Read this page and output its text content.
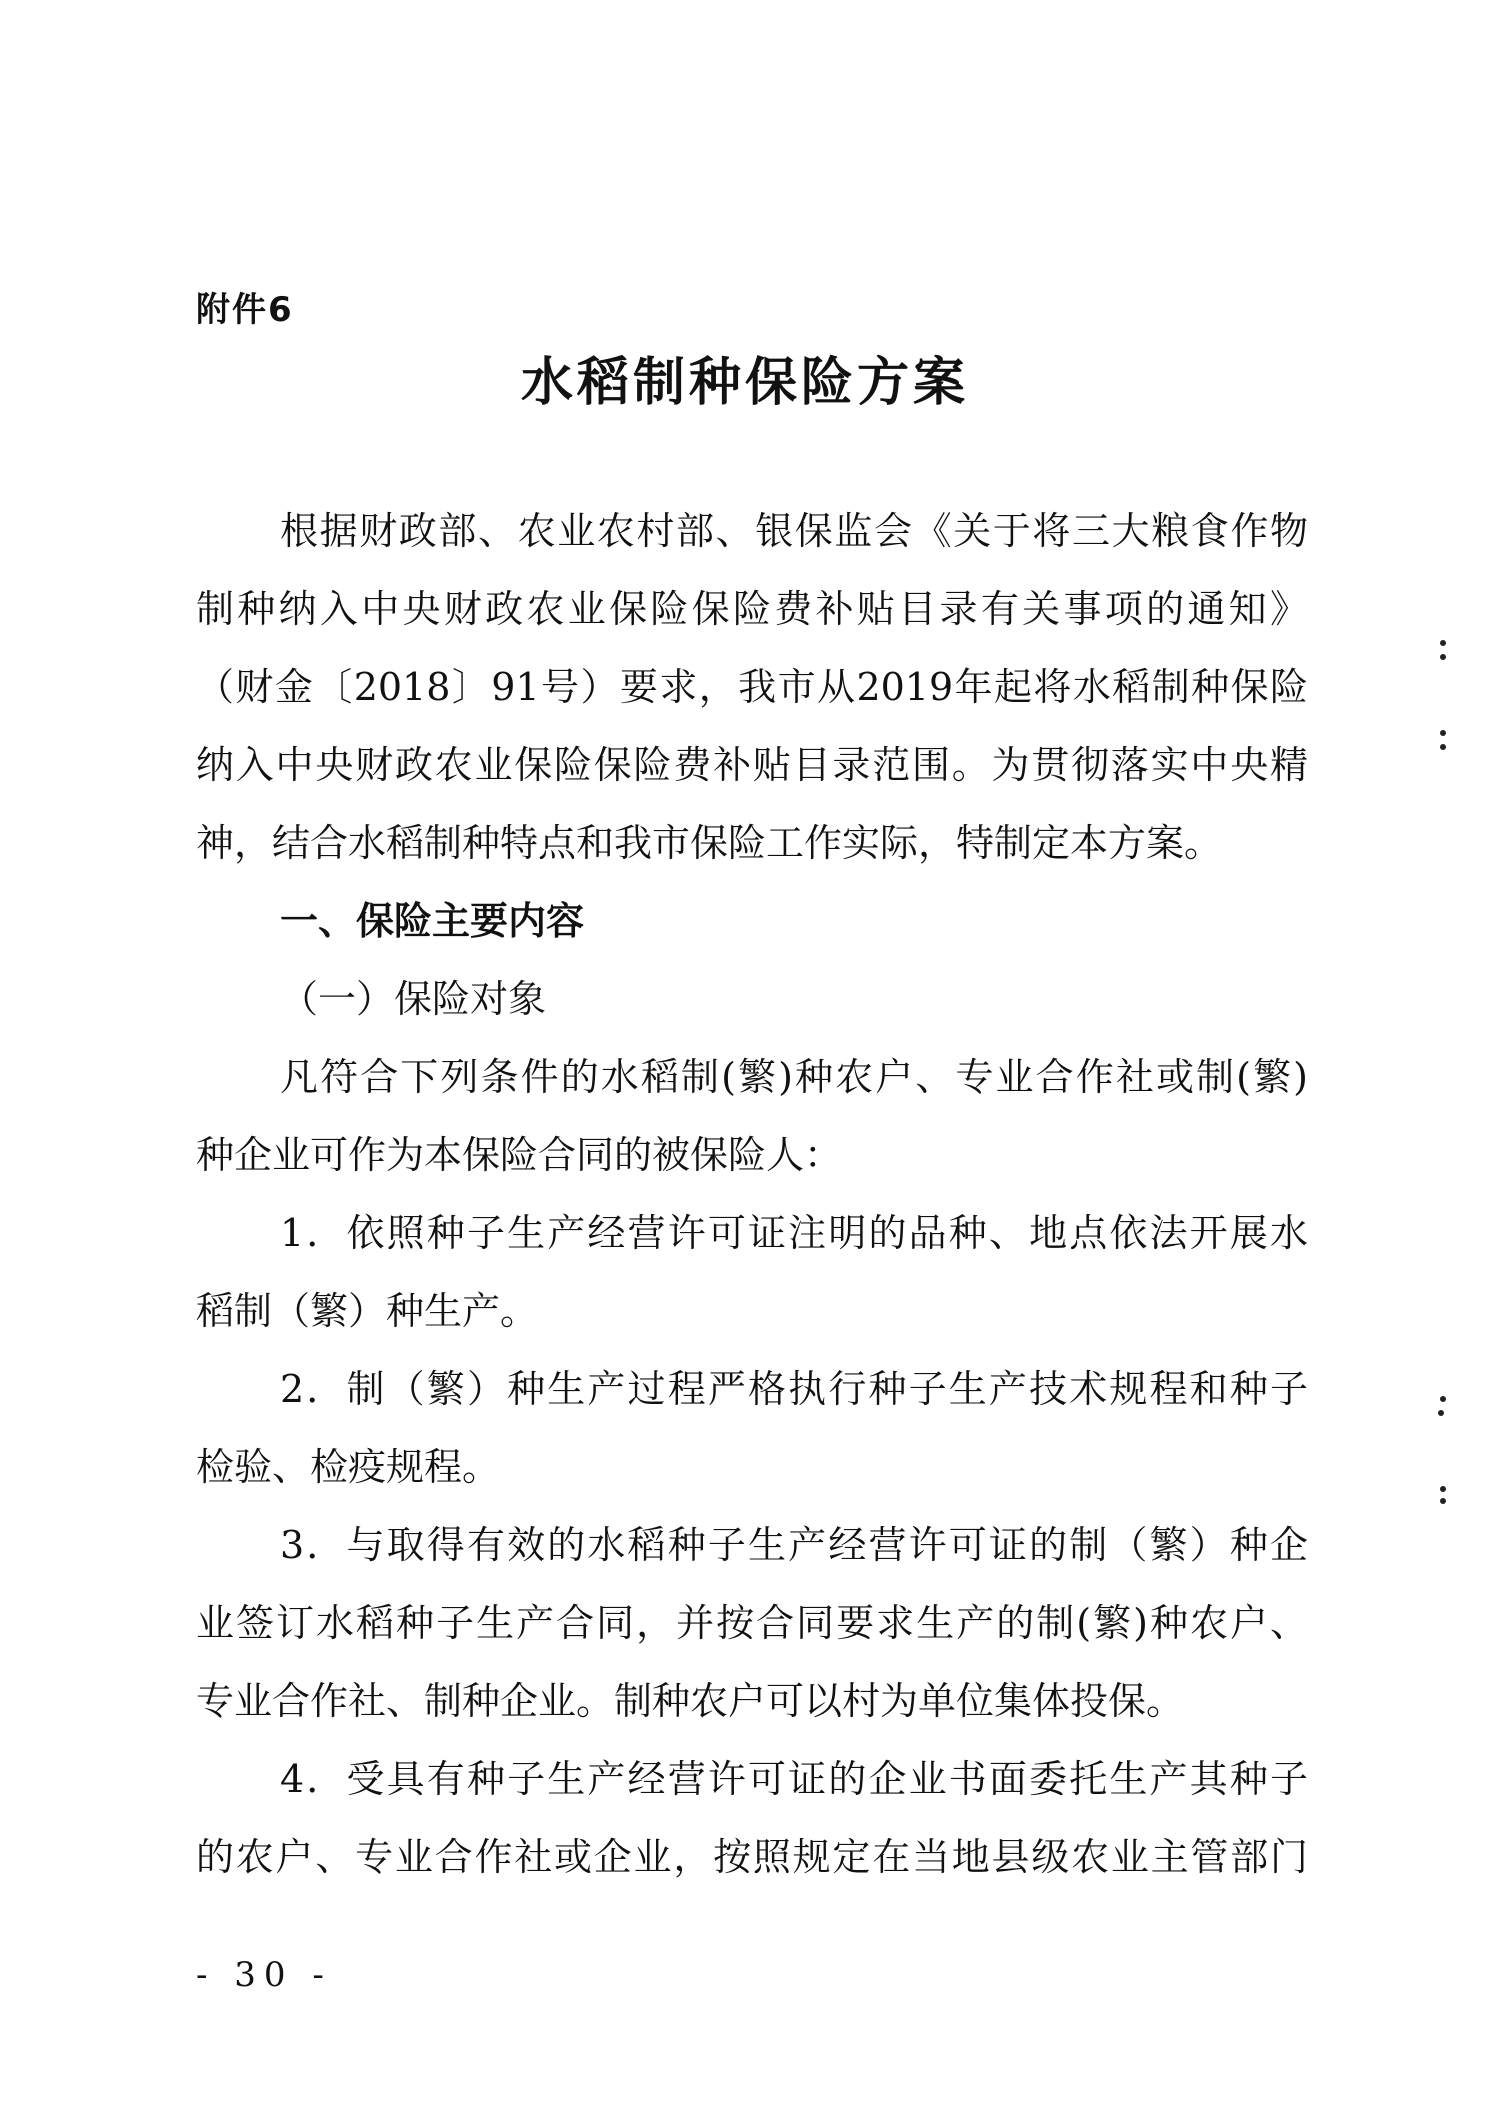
附件6
水稻制种保险方案
根据财政部、农业农村部、银保监会《关于将三大粮食作物
制种纳入中央财政农业保险保险费补贴目录有关事项的通知》
（财金〔2018〕91号）要求，我市从2019年起将水稻制种保险
纳入中央财政农业保险保险费补贴目录范围。为贯彻落实中央精
神，结合水稻制种特点和我市保险工作实际，特制定本方案。
一、保险主要内容
（一）保险对象
凡符合下列条件的水稻制(繁)种农户、专业合作社或制(繁)
种企业可作为本保险合同的被保险人：
1．依照种子生产经营许可证注明的品种、地点依法开展水
稻制（繁）种生产。
2．制（繁）种生产过程严格执行种子生产技术规程和种子
检验、检疫规程。
3．与取得有效的水稻种子生产经营许可证的制（繁）种企
业签订水稻种子生产合同，并按合同要求生产的制(繁)种农户、
专业合作社、制种企业。制种农户可以村为单位集体投保。
4．受具有种子生产经营许可证的企业书面委托生产其种子
的农户、专业合作社或企业，按照规定在当地县级农业主管部门
- 30 -
